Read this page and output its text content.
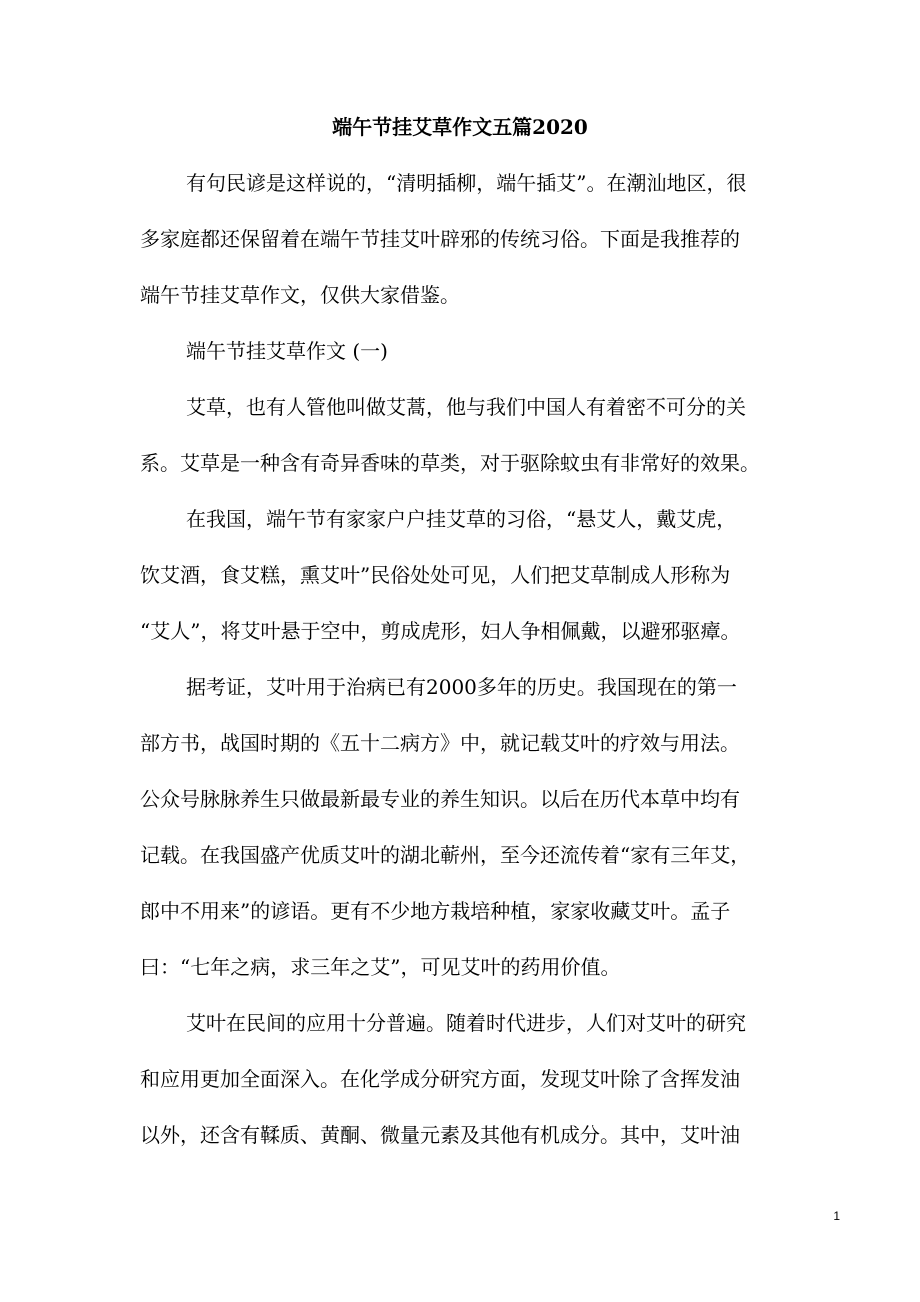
端午节挂艾草作文五篇2020
有句民谚是这样说的，“清明插柳，端午插艾”。在潮汕地区，很
多家庭都还保留着在端午节挂艾叶辟邪的传统习俗。下面是我推荐的
端午节挂艾草作文，仅供大家借鉴。
端午节挂艾草作文 (一)
艾草，也有人管他叫做艾蒿，他与我们中国人有着密不可分的关
系。艾草是一种含有奇异香味的草类，对于驱除蚊虫有非常好的效果。
在我国，端午节有家家户户挂艾草的习俗，“悬艾人，戴艾虎，
饮艾酒，食艾糕，熏艾叶”民俗处处可见，人们把艾草制成人形称为
“艾人”，将艾叶悬于空中，剪成虎形，妇人争相佩戴，以避邪驱瘴。
据考证，艾叶用于治病已有2000多年的历史。我国现在的第一
部方书，战国时期的《五十二病方》中，就记载艾叶的疗效与用法。
公众号脉脉养生只做最新最专业的养生知识。以后在历代本草中均有
记载。在我国盛产优质艾叶的湖北蕲州，至今还流传着“家有三年艾，
郎中不用来”的谚语。更有不少地方栽培种植，家家收藏艾叶。孟子
曰：“七年之病，求三年之艾”，可见艾叶的药用价值。
艾叶在民间的应用十分普遍。随着时代进步，人们对艾叶的研究
和应用更加全面深入。在化学成分研究方面，发现艾叶除了含挥发油
以外，还含有鞣质、黄酮、微量元素及其他有机成分。其中，艾叶油
1
